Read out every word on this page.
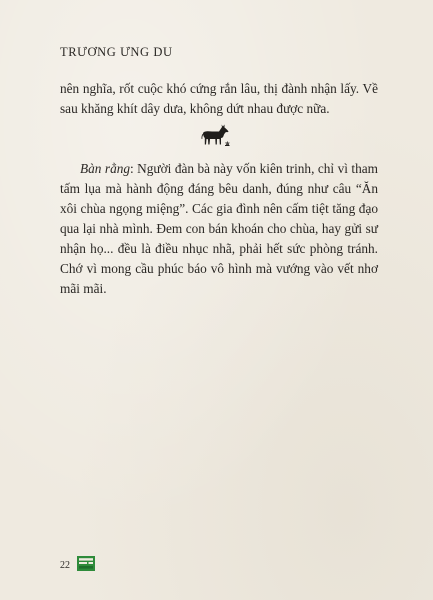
TRƯƠNG ƯNG DU

nên nghĩa, rốt cuộc khó cứng rắn lâu, thị đành nhận lấy. Về sau khăng khít dây dưa, không dứt nhau được nữa.

Bàn rằng: Người đàn bà này vốn kiên trinh, chỉ vì tham tấm lụa mà hành động đáng bêu danh, đúng như câu “Ăn xôi chùa ngọng miệng”. Các gia đình nên cấm tiệt tăng đạo qua lại nhà mình. Đem con bán khoán cho chùa, hay gửi sư nhận họ... đều là điều nhục nhã, phải hết sức phòng tránh. Chớ vì mong cầu phúc báo vô hình mà vướng vào vết nhơ mãi mãi.

22
